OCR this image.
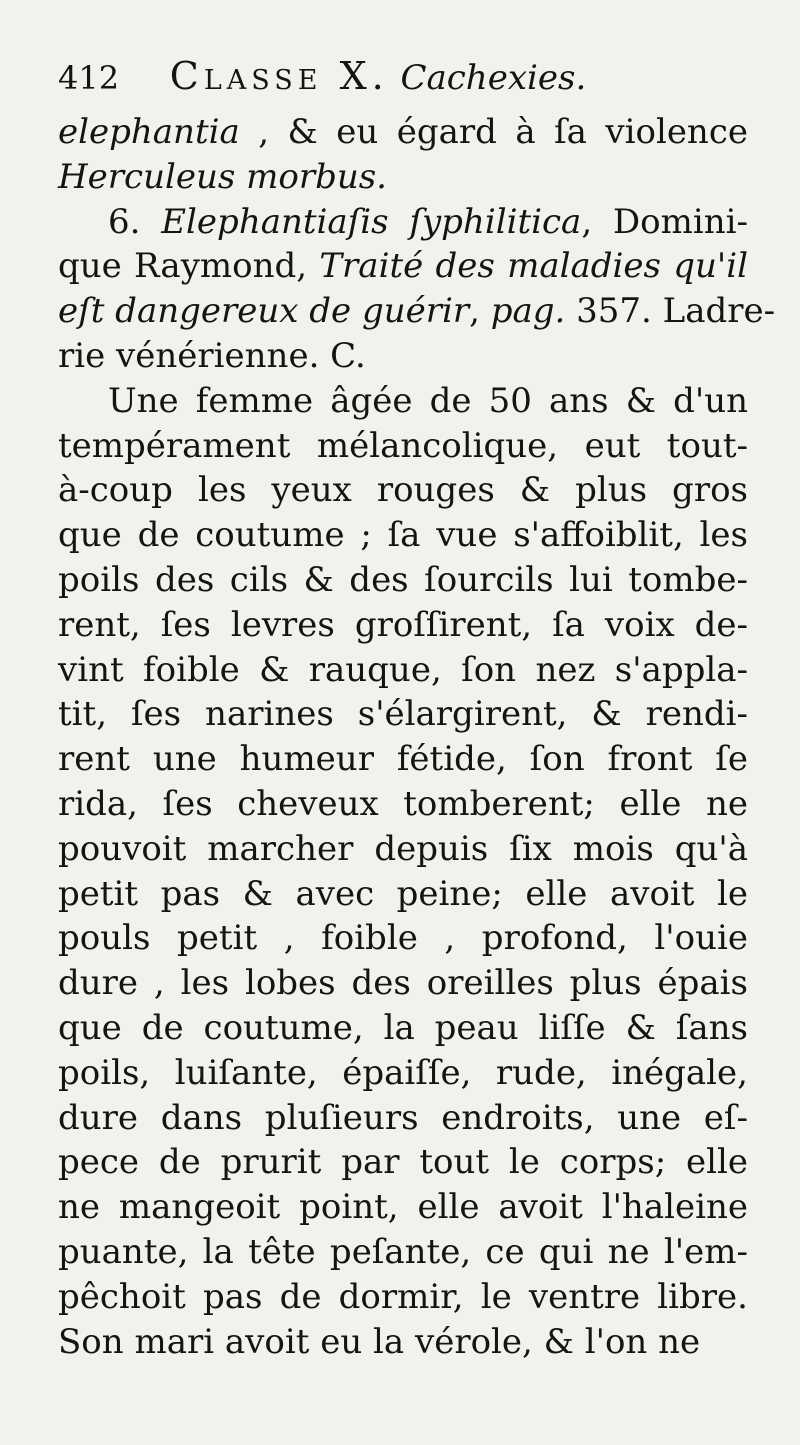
412 Classe X. Cachexies.
elephantia , & eu égard à ſa violence
Herculeus morbus.
6. Elephantiaſis ſyphilitica, Domini-
que Raymond, Traité des maladies qu'il
eſt dangereux de guérir, pag. 357. Ladre-
rie vénérienne. C.
Une femme âgée de 50 ans & d'un
tempérament mélancolique, eut tout-
à-coup les yeux rouges & plus gros
que de coutume ; ſa vue s'affoiblit, les
poils des cils & des ſourcils lui tombe-
rent, ſes levres groſſirent, ſa voix de-
vint foible & rauque, ſon nez s'appla-
tit, ſes narines s'élargirent, & rendi-
rent une humeur fétide, ſon front ſe
rida, ſes cheveux tomberent; elle ne
pouvoit marcher depuis ſix mois qu'à
petit pas & avec peine; elle avoit le
pouls petit , foible , profond, l'ouie
dure , les lobes des oreilles plus épais
que de coutume, la peau liſſe & ſans
poils, luiſante, épaiſſe, rude, inégale,
dure dans pluſieurs endroits, une eſ-
pece de prurit par tout le corps; elle
ne mangeoit point, elle avoit l'haleine
puante, la tête peſante, ce qui ne l'em-
pêchoit pas de dormir, le ventre libre.
Son mari avoit eu la vérole, & l'on ne
